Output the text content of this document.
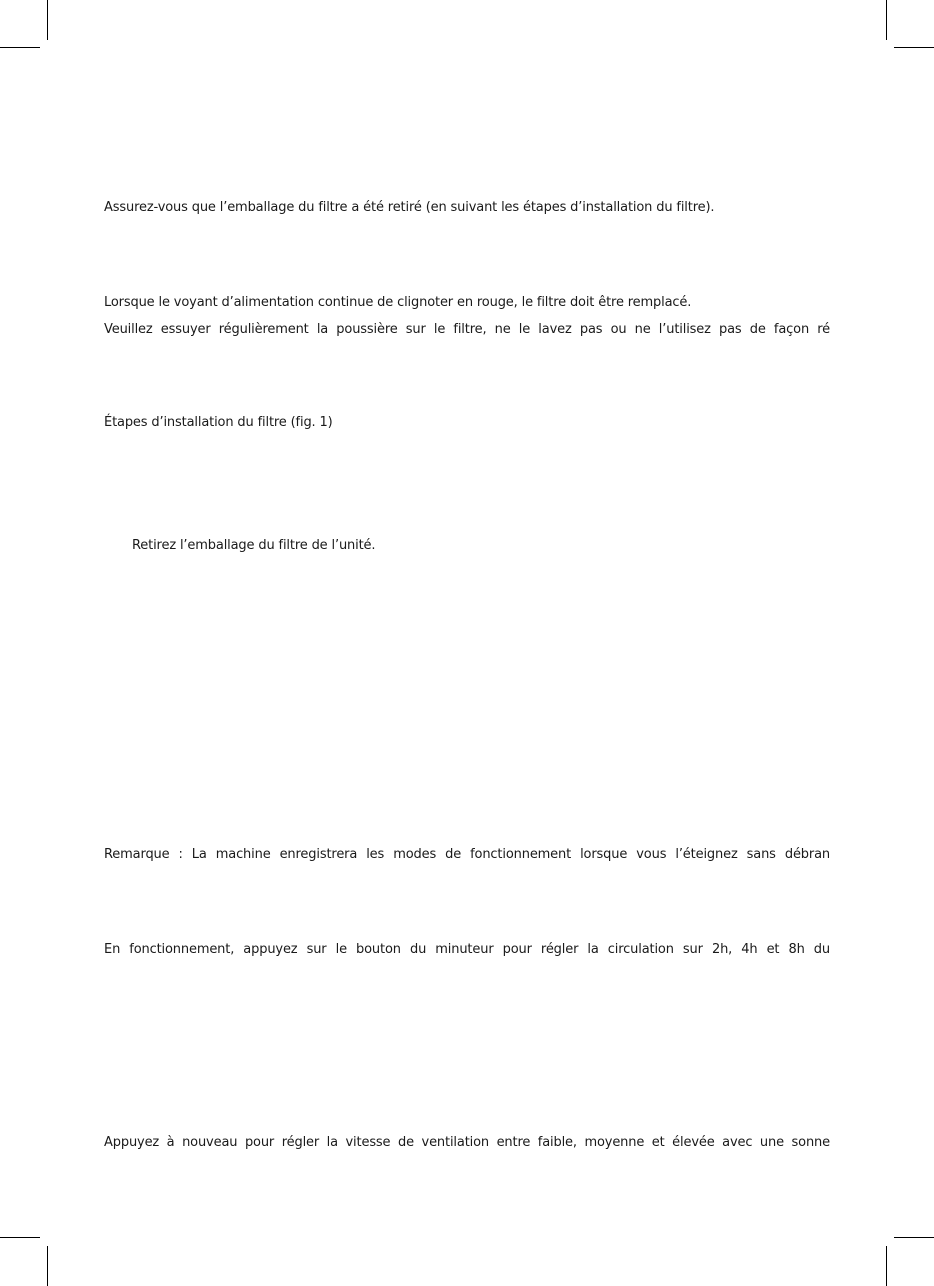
Assurez-vous que l’emballage du filtre a été retiré (en suivant les étapes d’installation du filtre).
Lorsque le voyant d’alimentation continue de clignoter en rouge, le filtre doit être remplacé.
Veuillez essuyer régulièrement la poussière sur le filtre, ne le lavez pas ou ne l’utilisez pas de façon ré
Étapes d’installation du filtre (fig. 1)
Retirez l’emballage du filtre de l’unité.
Remarque : La machine enregistrera les modes de fonctionnement lorsque vous l’éteignez sans débran
En fonctionnement, appuyez sur le bouton du minuteur pour régler la circulation sur 2h, 4h et 8h du
Appuyez à nouveau pour régler la vitesse de ventilation entre faible, moyenne et élevée avec une sonne
